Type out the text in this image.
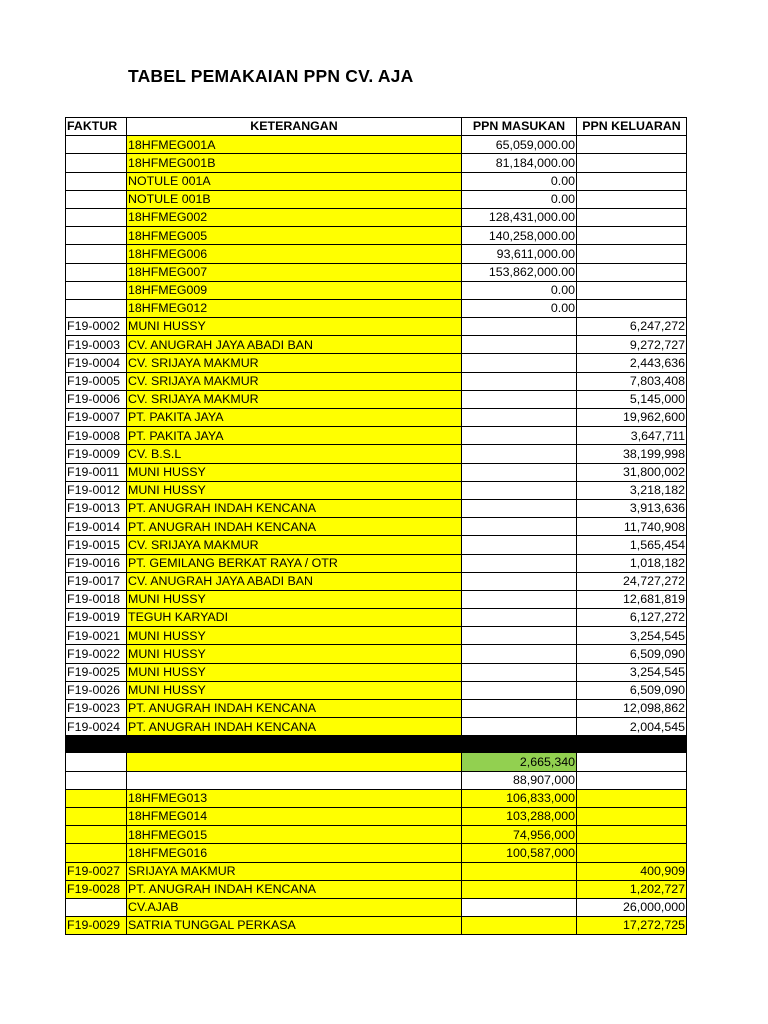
TABEL PEMAKAIAN PPN CV. AJA
FAKTUR	KETERANGAN	PPN MASUKAN	PPN KELUARAN
	18HFMEG001A	65,059,000.00	
	18HFMEG001B	81,184,000.00	
	NOTULE 001A	0.00	
	NOTULE 001B	0.00	
	18HFMEG002	128,431,000.00	
	18HFMEG005	140,258,000.00	
	18HFMEG006	93,611,000.00	
	18HFMEG007	153,862,000.00	
	18HFMEG009	0.00	
	18HFMEG012	0.00	
F19-0002	MUNI HUSSY		6,247,272
F19-0003	CV. ANUGRAH JAYA ABADI BAN		9,272,727
F19-0004	CV. SRIJAYA MAKMUR		2,443,636
F19-0005	CV. SRIJAYA MAKMUR		7,803,408
F19-0006	CV. SRIJAYA MAKMUR		5,145,000
F19-0007	PT. PAKITA JAYA		19,962,600
F19-0008	PT. PAKITA JAYA		3,647,711
F19-0009	CV. B.S.L		38,199,998
F19-0011	MUNI HUSSY		31,800,002
F19-0012	MUNI HUSSY		3,218,182
F19-0013	PT. ANUGRAH INDAH KENCANA		3,913,636
F19-0014	PT. ANUGRAH INDAH KENCANA		11,740,908
F19-0015	CV. SRIJAYA MAKMUR		1,565,454
F19-0016	PT. GEMILANG BERKAT RAYA / OTR		1,018,182
F19-0017	CV. ANUGRAH JAYA ABADI BAN		24,727,272
F19-0018	MUNI HUSSY		12,681,819
F19-0019	TEGUH KARYADI		6,127,272
F19-0021	MUNI HUSSY		3,254,545
F19-0022	MUNI HUSSY		6,509,090
F19-0025	MUNI HUSSY		3,254,545
F19-0026	MUNI HUSSY		6,509,090
F19-0023	PT. ANUGRAH INDAH KENCANA		12,098,862
F19-0024	PT. ANUGRAH INDAH KENCANA		2,004,545

		2,665,340	
		88,907,000	
	18HFMEG013	106,833,000	
	18HFMEG014	103,288,000	
	18HFMEG015	74,956,000	
	18HFMEG016	100,587,000	
F19-0027	SRIJAYA MAKMUR		400,909
F19-0028	PT. ANUGRAH INDAH KENCANA		1,202,727
	CV.AJAB		26,000,000
F19-0029	SATRIA TUNGGAL PERKASA		17,272,725
